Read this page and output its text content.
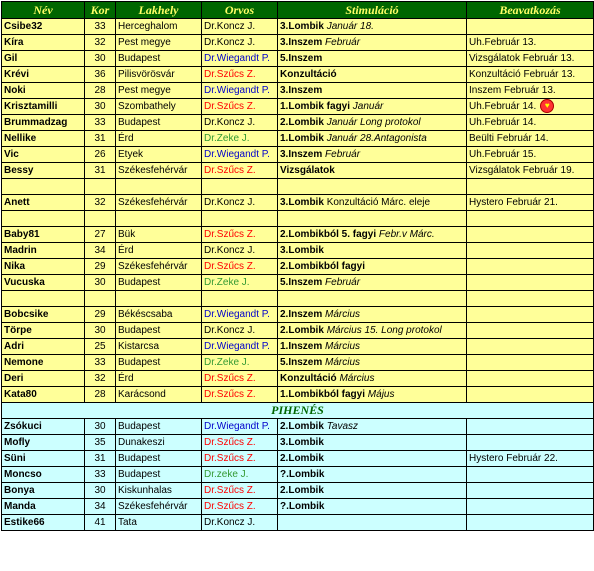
Név	Kor	Lakhely	Orvos	Stimuláció	Beavatkozás
Csibe32	33	Herceghalom	Dr.Koncz J.	3.Lombik Január 18.	
Kíra	32	Pest megye	Dr.Koncz J.	3.Inszem Február	Uh.Február 13.
Gil	30	Budapest	Dr.Wiegandt P.	5.Inszem	Vizsgálatok Február 13.
Krévi	36	Pilisvörösvár	Dr.Szűcs Z.	Konzultáció	Konzultáció Február 13.
Noki	28	Pest megye	Dr.Wiegandt P.	3.Inszem	Inszem Február 13.
Krisztamilli	30	Szombathely	Dr.Szűcs Z.	1.Lombik fagyi Január	Uh.Február 14. ♥
Brummadzag	33	Budapest	Dr.Koncz J.	2.Lombik Január Long protokol	Uh.Február 14.
Nellike	31	Érd	Dr.Zeke J.	1.Lombik Január 28.Antagonista	Beülti Február 14.
Vic	26	Etyek	Dr.Wiegandt P.	3.Inszem Február	Uh.Február 15.
Bessy	31	Székesfehérvár	Dr.Szűcs Z.	Vizsgálatok	Vizsgálatok Február 19.

Anett	32	Székesfehérvár	Dr.Koncz J.	3.Lombik Konzultáció Márc. eleje	Hystero Február 21.

Baby81	27	Bük	Dr.Szűcs Z.	2.Lombikból 5. fagyi Febr.v Márc.	
Madrin	34	Érd	Dr.Koncz J.	3.Lombik	
Nika	29	Székesfehérvár	Dr.Szűcs Z.	2.Lombikból fagyi	
Vucuska	30	Budapest	Dr.Zeke J.	5.Inszem Február	

Bobcsike	29	Békéscsaba	Dr.Wiegandt P.	2.Inszem Március	
Törpe	30	Budapest	Dr.Koncz J.	2.Lombik Március 15. Long protokol	
Adri	25	Kistarcsa	Dr.Wiegandt P.	1.Inszem Március	
Nemone	33	Budapest	Dr.Zeke J.	5.Inszem Március	
Deri	32	Érd	Dr.Szűcs Z.	Konzultáció Március	
Kata80	28	Karácsond	Dr.Szűcs Z.	1.Lombikból fagyi Május	
PIHENÉS					
Zsókuci	30	Budapest	Dr.Wiegandt P.	2.Lombik Tavasz	
Mofly	35	Dunakeszi	Dr.Szűcs Z.	3.Lombik	
Süni	31	Budapest	Dr.Szűcs Z.	2.Lombik	Hystero Február 22.
Moncso	33	Budapest	Dr.zeke J.	?.Lombik	
Bonya	30	Kiskunhalas	Dr.Szűcs Z.	2.Lombik	
Manda	34	Székesfehérvár	Dr.Szűcs Z.	?.Lombik	
Estike66	41	Tata	Dr.Koncz J.		
